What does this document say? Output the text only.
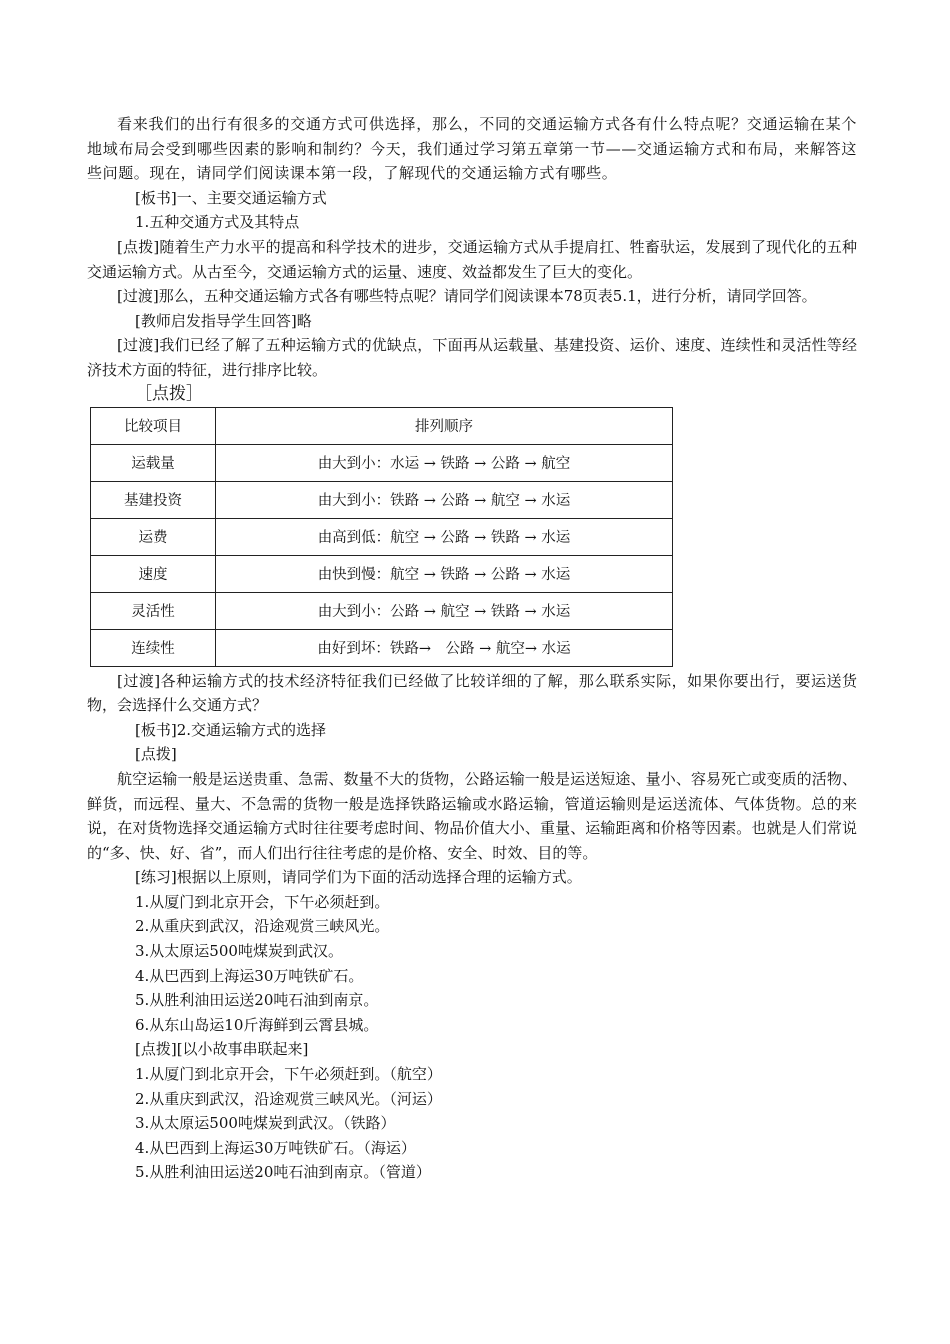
看来我们的出行有很多的交通方式可供选择，那么，不同的交通运输方式各有什么特点呢？交通运输在某个地域布局会受到哪些因素的影响和制约？今天，我们通过学习第五章第一节——交通运输方式和布局，来解答这些问题。现在，请同学们阅读课本第一段，了解现代的交通运输方式有哪些。

[板书]一、主要交通运输方式

1.五种交通方式及其特点

[点拨]随着生产力水平的提高和科学技术的进步，交通运输方式从手提肩扛、牲畜驮运，发展到了现代化的五种交通运输方式。从古至今，交通运输方式的运量、速度、效益都发生了巨大的变化。

[过渡]那么，五种交通运输方式各有哪些特点呢？请同学们阅读课本78页表5.1，进行分析，请同学回答。

[教师启发指导学生回答]略

[过渡]我们已经了解了五种运输方式的优缺点，下面再从运载量、基建投资、运价、速度、连续性和灵活性等经济技术方面的特征，进行排序比较。

［点拨］

比较项目	排列顺序
运载量	由大到小：水运 → 铁路 → 公路 → 航空
基建投资	由大到小：铁路 → 公路 → 航空 → 水运
运费	由高到低：航空 → 公路 → 铁路 → 水运
速度	由快到慢：航空 → 铁路 → 公路 → 水运
灵活性	由大到小：公路 → 航空 → 铁路 → 水运
连续性	由好到坏：铁路→　公路 → 航空→ 水运

[过渡]各种运输方式的技术经济特征我们已经做了比较详细的了解，那么联系实际，如果你要出行，要运送货物，会选择什么交通方式？

[板书]2.交通运输方式的选择

[点拨]

航空运输一般是运送贵重、急需、数量不大的货物，公路运输一般是运送短途、量小、容易死亡或变质的活物、鲜货，而远程、量大、不急需的货物一般是选择铁路运输或水路运输，管道运输则是运送流体、气体货物。总的来说，在对货物选择交通运输方式时往往要考虑时间、物品价值大小、重量、运输距离和价格等因素。也就是人们常说的“多、快、好、省”，而人们出行往往考虑的是价格、安全、时效、目的等。

[练习]根据以上原则，请同学们为下面的活动选择合理的运输方式。

1.从厦门到北京开会，下午必须赶到。

2.从重庆到武汉，沿途观赏三峡风光。

3.从太原运500吨煤炭到武汉。

4.从巴西到上海运30万吨铁矿石。

5.从胜利油田运送20吨石油到南京。

6.从东山岛运10斤海鲜到云霄县城。

[点拨][以小故事串联起来]

1.从厦门到北京开会，下午必须赶到。（航空）

2.从重庆到武汉，沿途观赏三峡风光。（河运）

3.从太原运500吨煤炭到武汉。（铁路）

4.从巴西到上海运30万吨铁矿石。（海运）

5.从胜利油田运送20吨石油到南京。（管道）
